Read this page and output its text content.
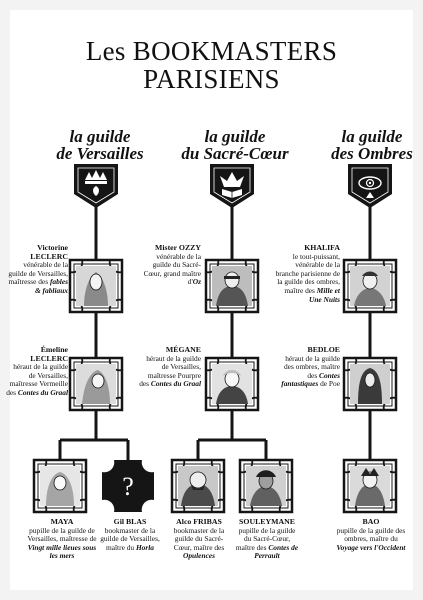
Les BOOKMASTERS
PARISIENS
la guilde
de Versailles
la guilde
du Sacré-Cœur
la guilde
des Ombres
?
Victorine LECLERC
vénérable de la guilde de Versailles, maîtresse des fables & fabliaux
Mister OZZY
vénérable de la guilde du Sacré-Cœur, grand maître d'Oz
KHALIFA
le tout-puissant, vénérable de la branche parisienne de la guilde des ombres, maître des Mille et Une Nuits
Émeline LECLERC
héraut de la guilde de Versailles, maîtresse Vermeille des Contes du Graal
MÉGANE
héraut de la guilde de Versailles, maîtresse Pourpre des Contes du Graal
BEDLOE
héraut de la guilde des ombres, maître des Contes fantastiques de Poe
MAYA
pupille de la guilde de Versailles, maîtresse de Vingt mille lieues sous les mers
Gil BLAS
bookmaster de la guilde de Versailles, maître du Horla
Alco FRIBAS
bookmaster de la guilde du Sacré-Cœur, maître des Opulences
SOULEYMANE
pupille de la guilde du Sacré-Cœur, maître des Contes de Perrault
BAO
pupille de la guilde des ombres, maître du Voyage vers l'Occident
